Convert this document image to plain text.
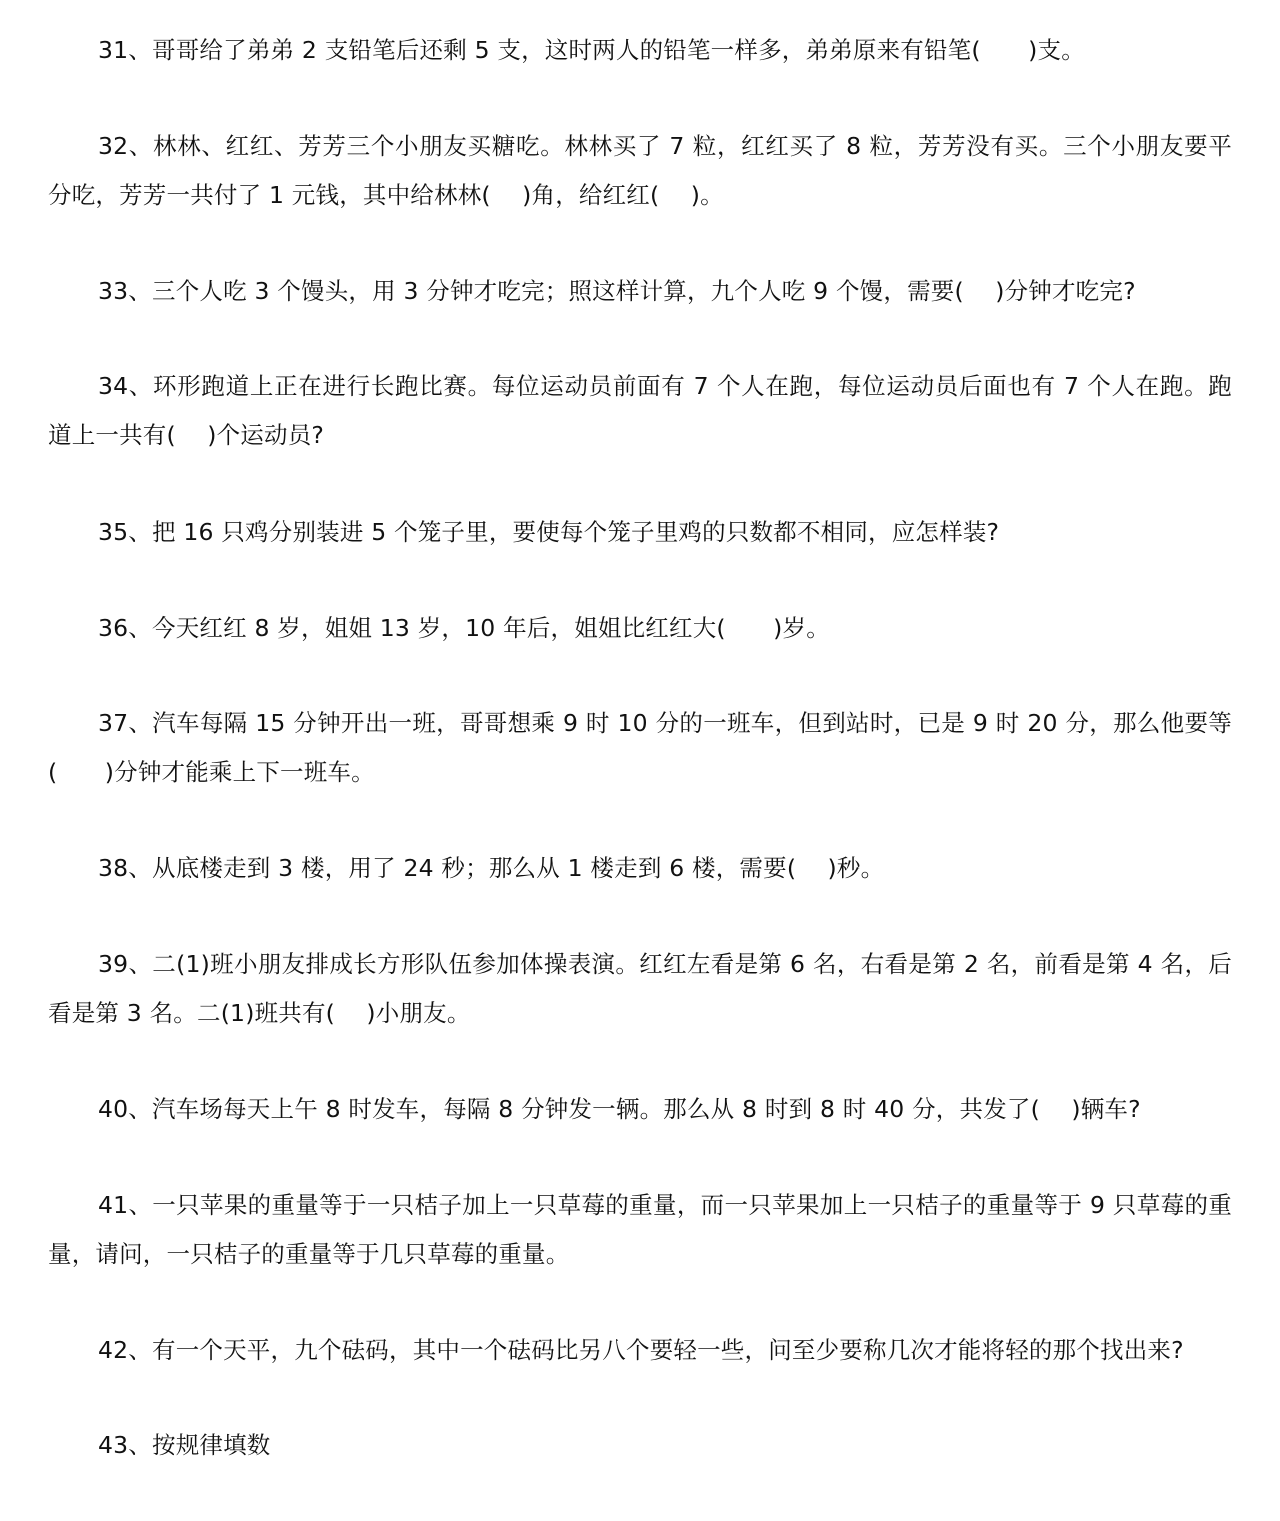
31、哥哥给了弟弟 2 支铅笔后还剩 5 支，这时两人的铅笔一样多，弟弟原来有铅笔(　　)支。

32、林林、红红、芳芳三个小朋友买糖吃。林林买了 7 粒，红红买了 8 粒，芳芳没有买。三个小朋友要平分吃，芳芳一共付了 1 元钱，其中给林林(　 )角，给红红(　 )。

33、三个人吃 3 个馒头，用 3 分钟才吃完；照这样计算，九个人吃 9 个馒，需要(　 )分钟才吃完?

34、环形跑道上正在进行长跑比赛。每位运动员前面有 7 个人在跑，每位运动员后面也有 7 个人在跑。跑道上一共有(　 )个运动员?

35、把 16 只鸡分别装进 5 个笼子里，要使每个笼子里鸡的只数都不相同，应怎样装?

36、今天红红 8 岁，姐姐 13 岁，10 年后，姐姐比红红大(　　)岁。

37、汽车每隔 15 分钟开出一班，哥哥想乘 9 时 10 分的一班车，但到站时，已是 9 时 20 分，那么他要等(　　)分钟才能乘上下一班车。

38、从底楼走到 3 楼，用了 24 秒；那么从 1 楼走到 6 楼，需要(　 )秒。

39、二(1)班小朋友排成长方形队伍参加体操表演。红红左看是第 6 名，右看是第 2 名，前看是第 4 名，后看是第 3 名。二(1)班共有(　 )小朋友。

40、汽车场每天上午 8 时发车，每隔 8 分钟发一辆。那么从 8 时到 8 时 40 分，共发了(　 )辆车?

41、一只苹果的重量等于一只桔子加上一只草莓的重量，而一只苹果加上一只桔子的重量等于 9 只草莓的重量，请问，一只桔子的重量等于几只草莓的重量。

42、有一个天平，九个砝码，其中一个砝码比另八个要轻一些，问至少要称几次才能将轻的那个找出来?

43、按规律填数
